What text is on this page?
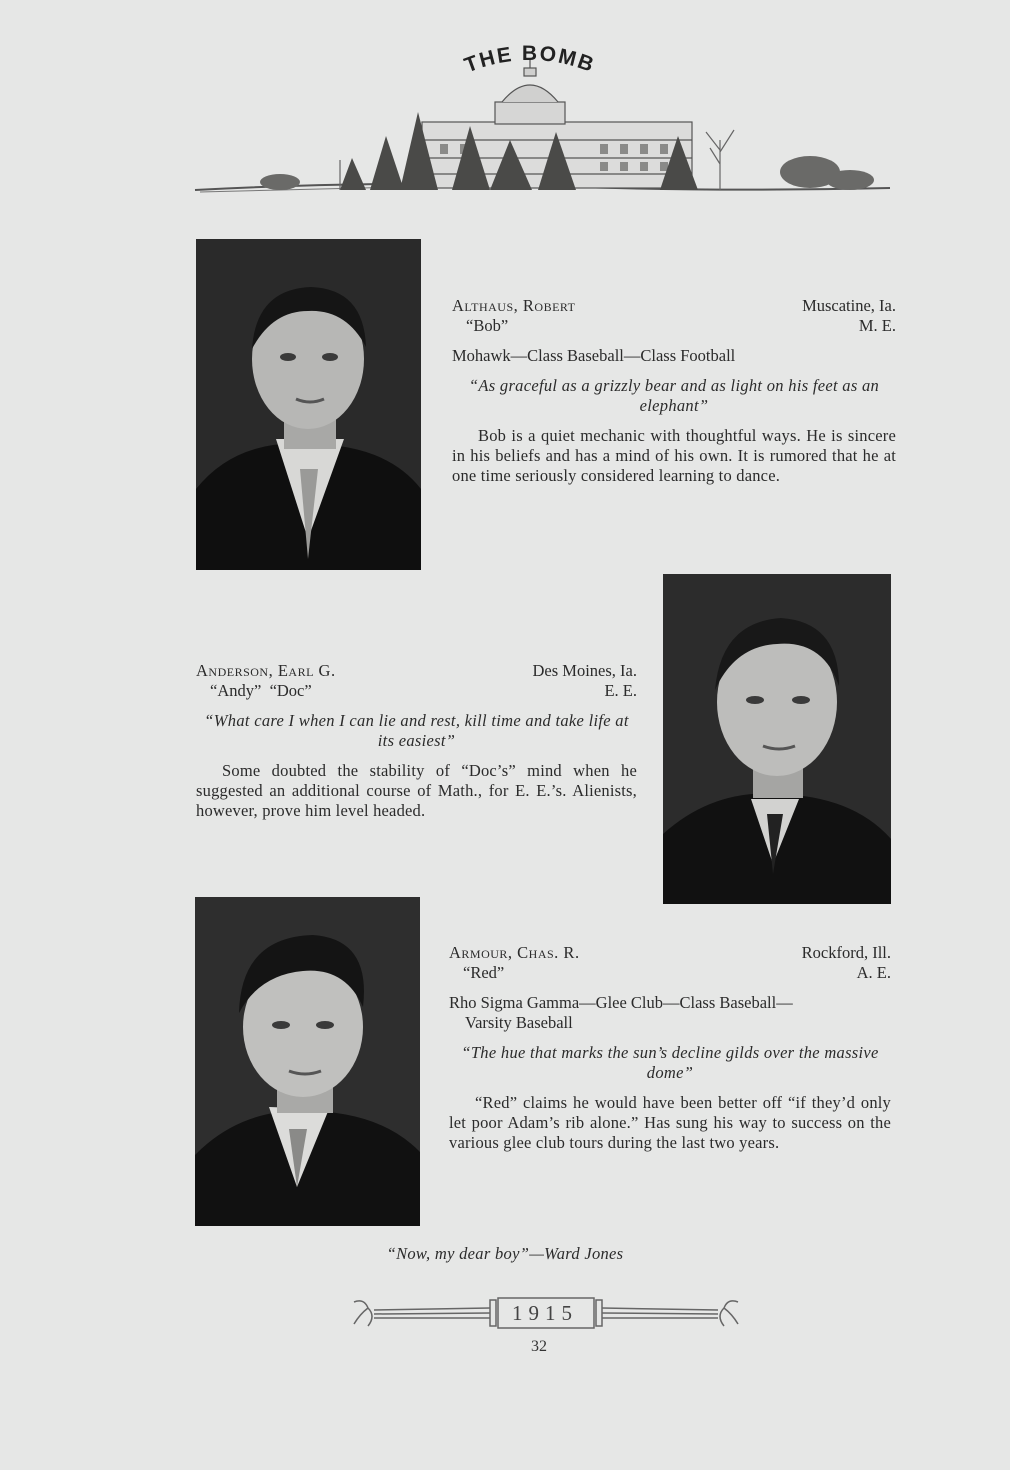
THE BOMB
Althaus, Robert	Muscatine, Ia.
“Bob”	M. E.
Mohawk—Class Baseball—Class Football
“As graceful as a grizzly bear and as light on his feet as an elephant”
Bob is a quiet mechanic with thoughtful ways. He is sincere in his beliefs and has a mind of his own. It is rumored that he at one time seriously considered learning to dance.
Anderson, Earl G.	Des Moines, Ia.
“Andy”  “Doc”	E. E.
“What care I when I can lie and rest, kill time and take life at its easiest”
Some doubted the stability of “Doc’s” mind when he suggested an additional course of Math., for E. E.’s. Alienists, however, prove him level headed.
Armour, Chas. R.	Rockford, Ill.
“Red”	A. E.
Rho Sigma Gamma—Glee Club—Class Baseball—
Varsity Baseball
“The hue that marks the sun’s decline gilds over the massive dome”
“Red” claims he would have been better off “if they’d only let poor Adam’s rib alone.” Has sung his way to success on the various glee club tours during the last two years.
“Now, my dear boy”—Ward Jones
1915
32
